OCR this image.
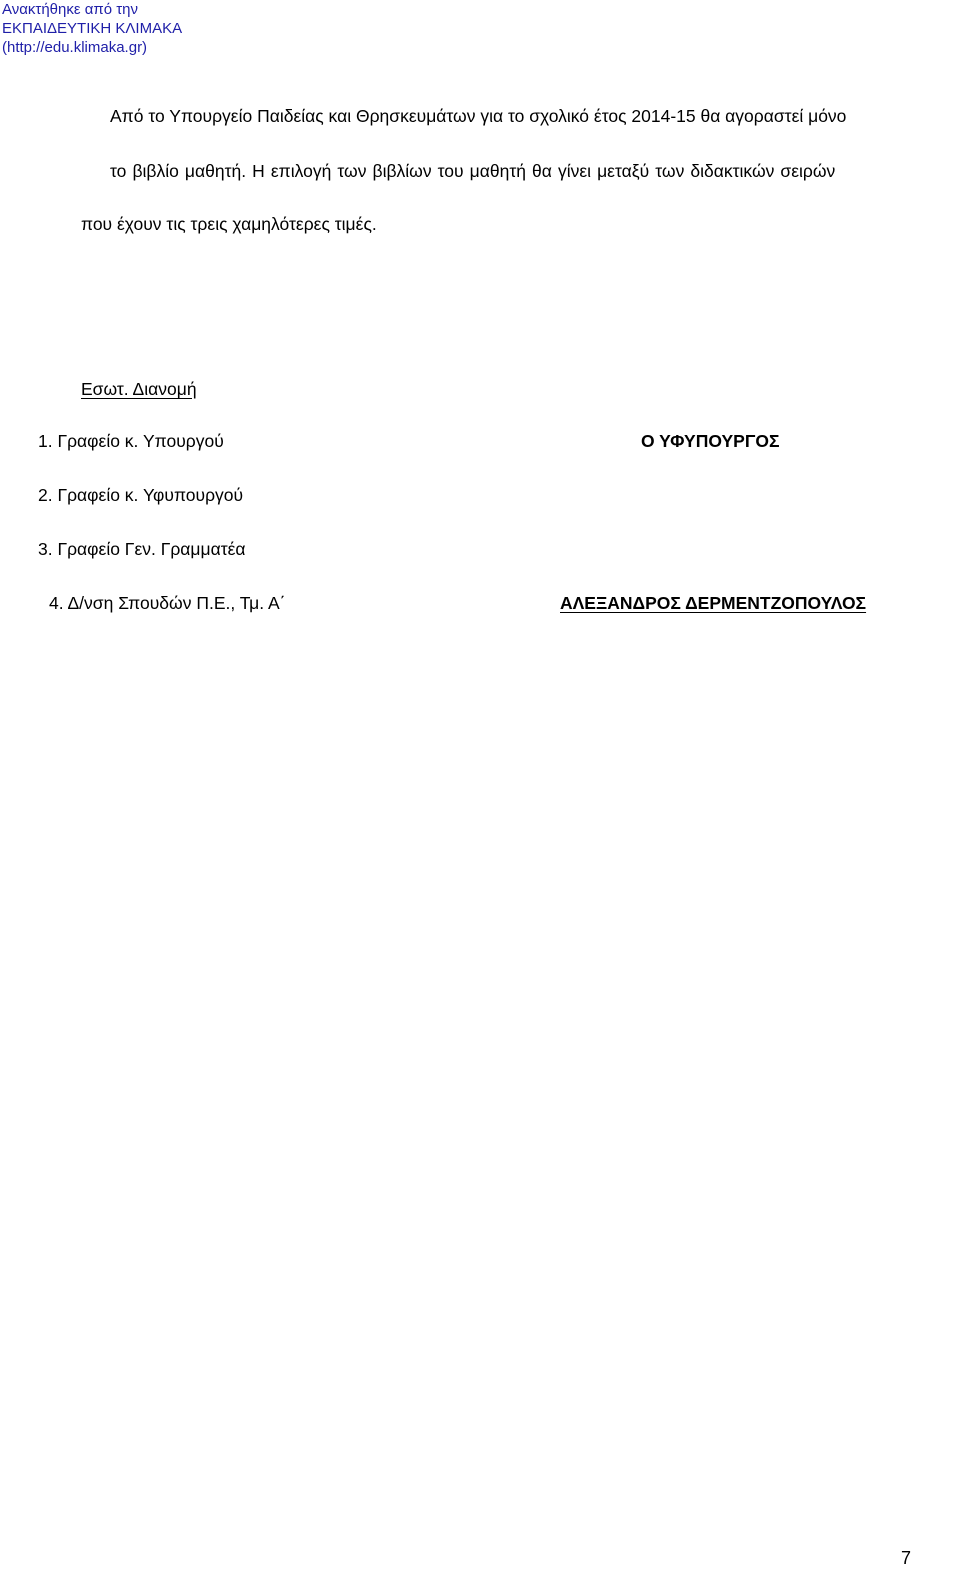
Ανακτήθηκε από την
ΕΚΠΑΙΔΕΥΤΙΚΗ ΚΛΙΜΑΚΑ
(http://edu.klimaka.gr)
Από το Υπουργείο Παιδείας και Θρησκευμάτων για το σχολικό έτος 2014-15 θα αγοραστεί μόνο
το βιβλίο μαθητή. Η επιλογή των βιβλίων του μαθητή θα γίνει μεταξύ των διδακτικών σειρών
που έχουν τις τρεις χαμηλότερες τιμές.
Εσωτ. Διανομή
1. Γραφείο κ. Υπουργού
2. Γραφείο κ. Υφυπουργού
3. Γραφείο Γεν. Γραμματέα
4. Δ/νση Σπουδών Π.Ε., Τμ. Α΄
Ο ΥΦΥΠΟΥΡΓΟΣ
ΑΛΕΞΑΝΔΡΟΣ ΔΕΡΜΕΝΤΖΟΠΟΥΛΟΣ
7
